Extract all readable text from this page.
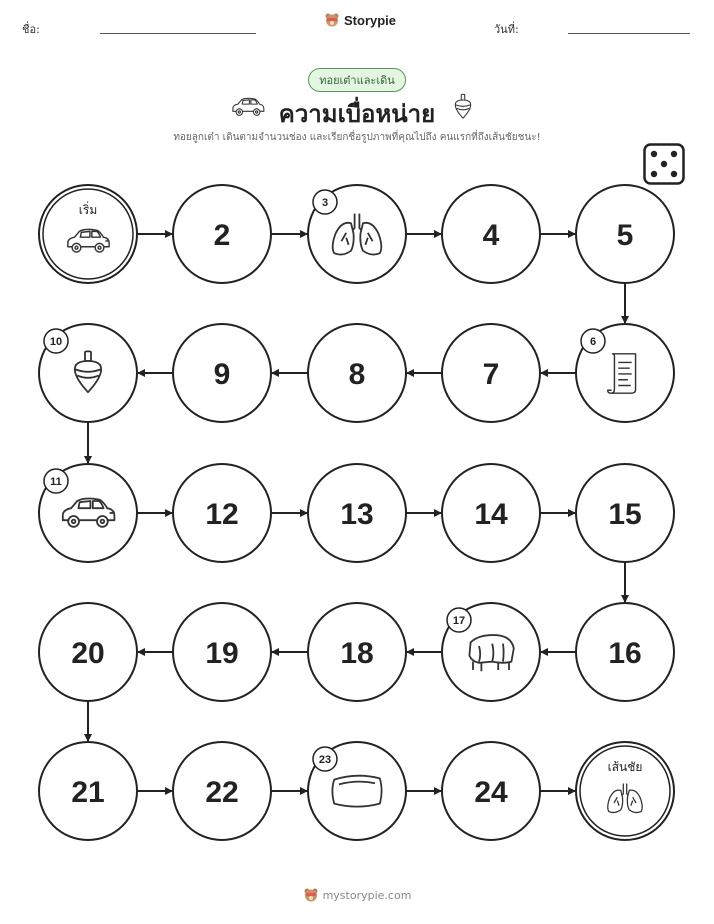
ชื่อ:
Storypie
วันที่:
ทอยเต๋าและเดิน
ความเบื่อหน่าย
ทอยลูกเต๋า เดินตามจำนวนช่อง และเรียกชื่อรูปภาพที่คุณไปถึง คนแรกที่ถึงเส้นชัยชนะ!
เริ่ม
2
3
4	5
6
7
8
9
10
11
12	13	14	15
16
17
18
19
20
21	22
23
24
เส้นชัย
mystorypie.com
